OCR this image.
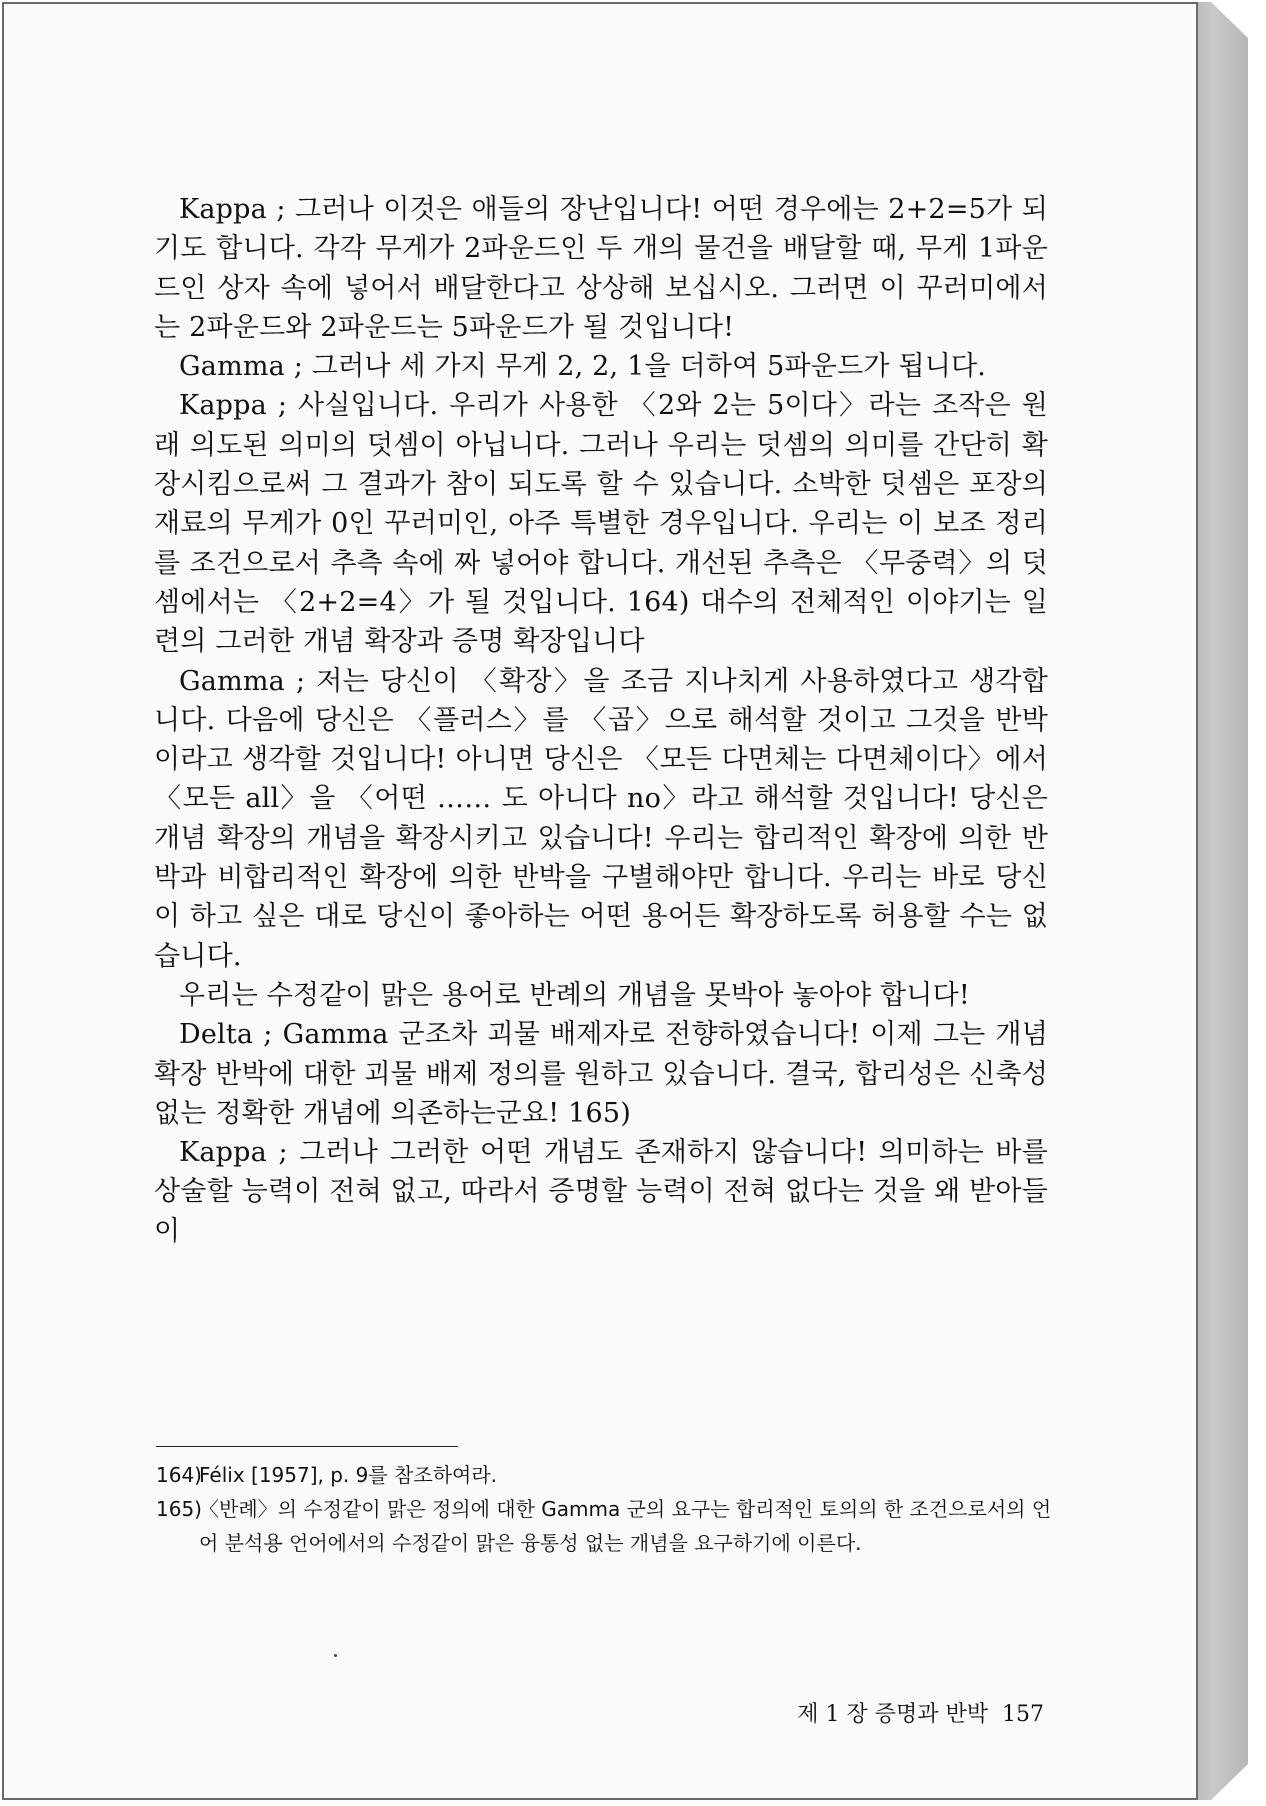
Kappa ; 그러나 이것은 애들의 장난입니다! 어떤 경우에는 2+2=5가 되기도 합니다. 각각 무게가 2파운드인 두 개의 물건을 배달할 때, 무게 1파운드인 상자 속에 넣어서 배달한다고 상상해 보십시오. 그러면 이 꾸러미에서는 2파운드와 2파운드는 5파운드가 될 것입니다!

Gamma ; 그러나 세 가지 무게 2, 2, 1을 더하여 5파운드가 됩니다.

Kappa ; 사실입니다. 우리가 사용한 〈2와 2는 5이다〉라는 조작은 원래 의도된 의미의 덧셈이 아닙니다. 그러나 우리는 덧셈의 의미를 간단히 확장시킴으로써 그 결과가 참이 되도록 할 수 있습니다. 소박한 덧셈은 포장의 재료의 무게가 0인 꾸러미인, 아주 특별한 경우입니다. 우리는 이 보조 정리를 조건으로서 추측 속에 짜 넣어야 합니다. 개선된 추측은 〈무중력〉의 덧셈에서는 〈2+2=4〉가 될 것입니다. 164) 대수의 전체적인 이야기는 일련의 그러한 개념 확장과 증명 확장입니다

Gamma ; 저는 당신이 〈확장〉을 조금 지나치게 사용하였다고 생각합니다. 다음에 당신은 〈플러스〉를 〈곱〉으로 해석할 것이고 그것을 반박이라고 생각할 것입니다! 아니면 당신은 〈모든 다면체는 다면체이다〉에서 〈모든 all〉을 〈어떤 …… 도 아니다 no〉라고 해석할 것입니다! 당신은 개념 확장의 개념을 확장시키고 있습니다! 우리는 합리적인 확장에 의한 반박과 비합리적인 확장에 의한 반박을 구별해야만 합니다. 우리는 바로 당신이 하고 싶은 대로 당신이 좋아하는 어떤 용어든 확장하도록 허용할 수는 없습니다.

우리는 수정같이 맑은 용어로 반례의 개념을 못박아 놓아야 합니다!

Delta ; Gamma 군조차 괴물 배제자로 전향하였습니다! 이제 그는 개념 확장 반박에 대한 괴물 배제 정의를 원하고 있습니다. 결국, 합리성은 신축성 없는 정확한 개념에 의존하는군요! 165)

Kappa ; 그러나 그러한 어떤 개념도 존재하지 않습니다! 의미하는 바를 상술할 능력이 전혀 없고, 따라서 증명할 능력이 전혀 없다는 것을 왜 받아들이

164)Félix [1957], p. 9를 참조하여라.

165)〈반례〉의 수정같이 맑은 정의에 대한 Gamma 군의 요구는 합리적인 토의의 한 조건으로서의 언어 분석용 언어에서의 수정같이 맑은 융통성 없는 개념을 요구하기에 이른다.

제 1 장 증명과 반박 157
